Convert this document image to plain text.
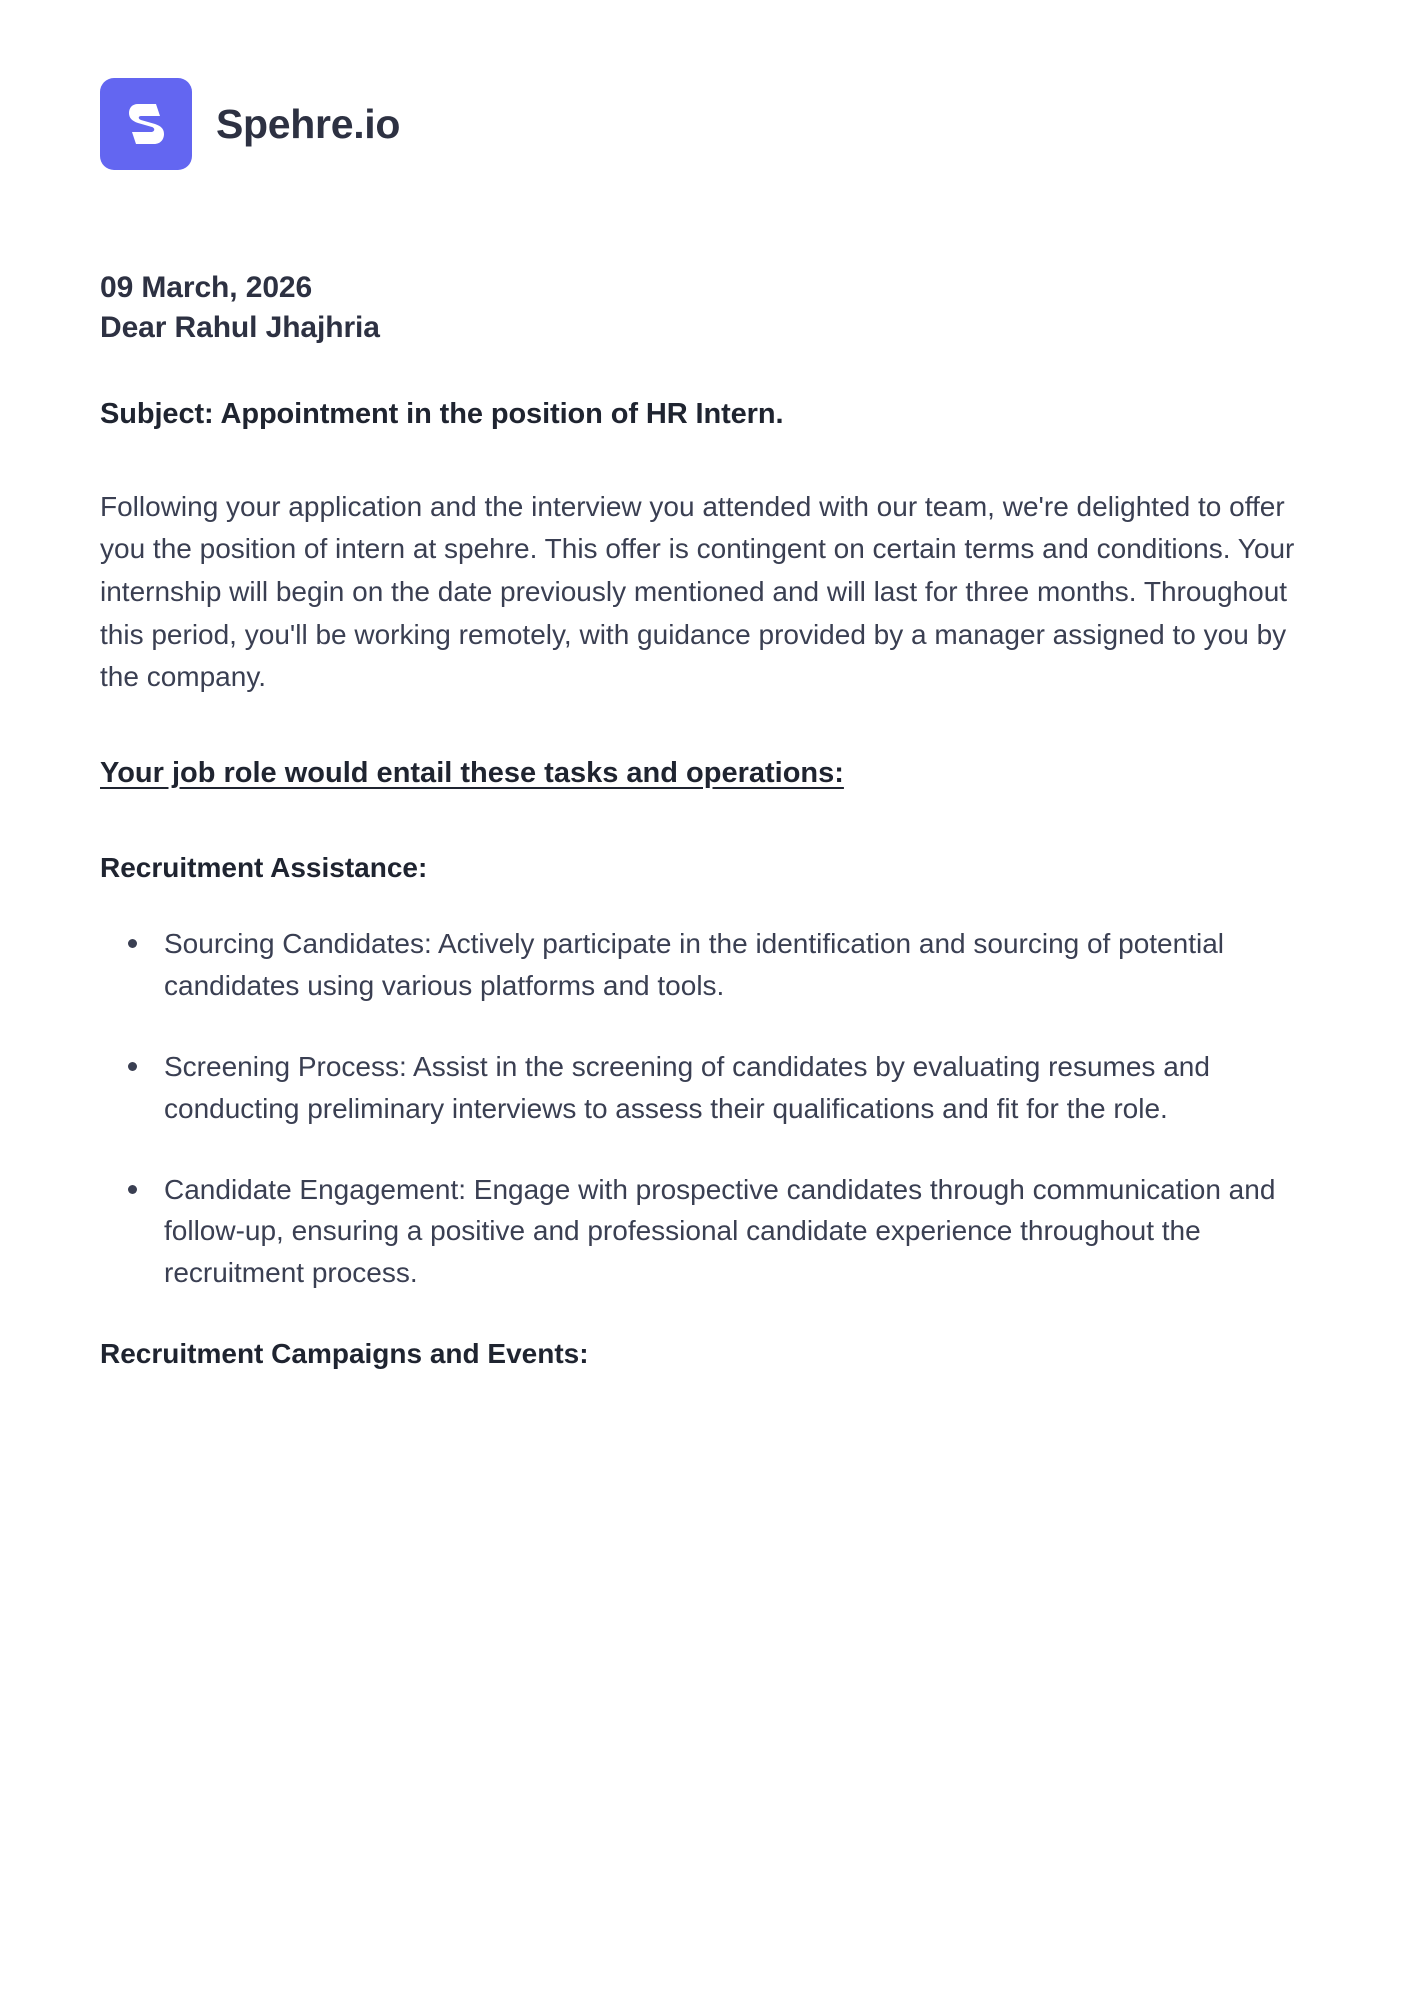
Spehre.io
09 March, 2026
Dear Rahul Jhajhria
Subject: Appointment in the position of HR Intern.

Following your application and the interview you attended with our team, we're delighted to offer you the position of intern at spehre. This offer is contingent on certain terms and conditions. Your internship will begin on the date previously mentioned and will last for three months. Throughout this period, you'll be working remotely, with guidance provided by a manager assigned to you by the company.

Your job role would entail these tasks and operations:
Recruitment Assistance:
Sourcing Candidates: Actively participate in the identification and sourcing of potential candidates using various platforms and tools.
Screening Process: Assist in the screening of candidates by evaluating resumes and conducting preliminary interviews to assess their qualifications and fit for the role.
Candidate Engagement: Engage with prospective candidates through communication and follow-up, ensuring a positive and professional candidate experience throughout the recruitment process.
Recruitment Campaigns and Events:
